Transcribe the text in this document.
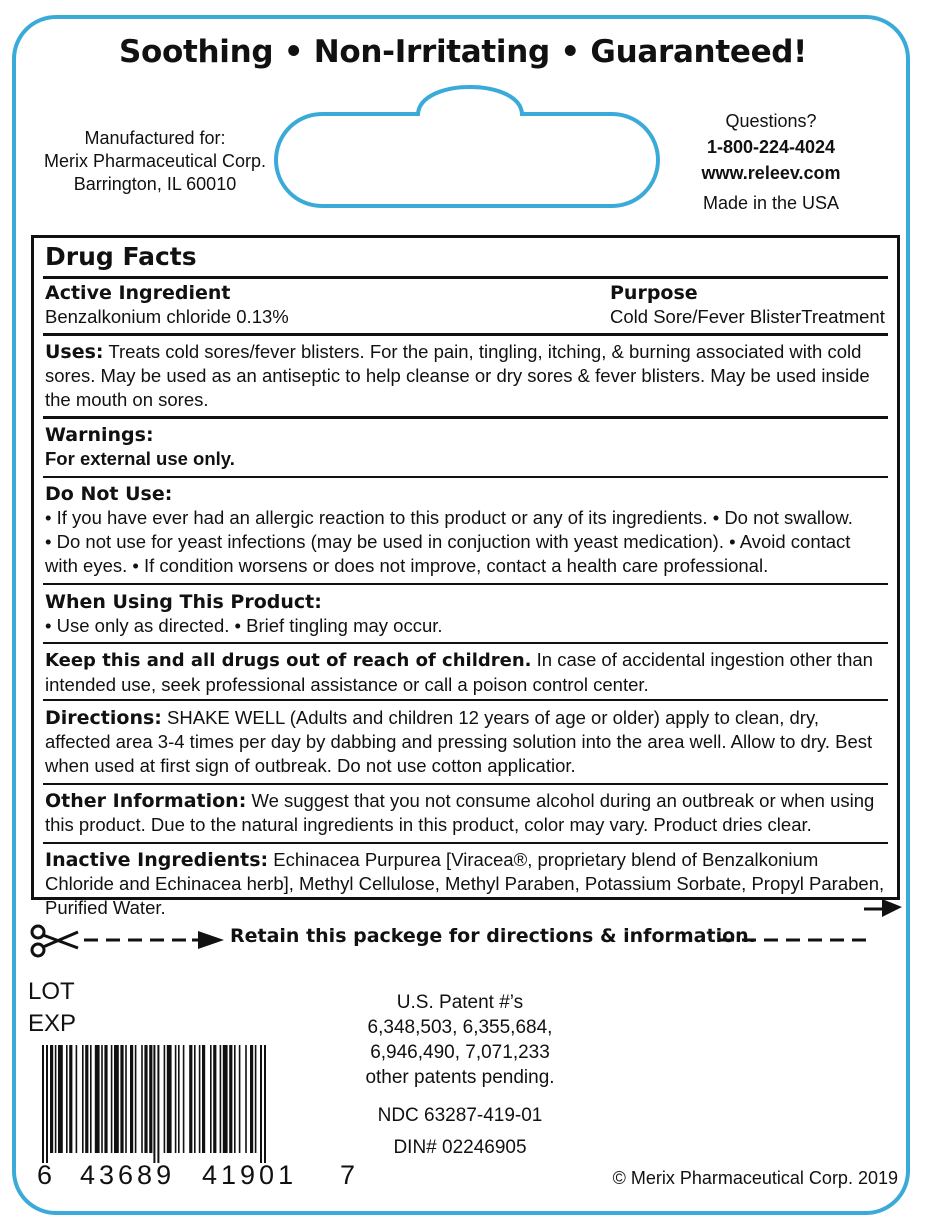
Soothing • Non-Irritating • Guaranteed!
Manufactured for:
Merix Pharmaceutical Corp.
Barrington, IL 60010
Questions?
1-800-224-4024
www.releev.com
Made in the USA
Drug Facts
Active Ingredient
Benzalkonium chloride 0.13%
Purpose
Cold Sore/Fever BlisterTreatment
Uses: Treats cold sores/fever blisters. For the pain, tingling, itching, & burning associated with cold sores. May be used as an antiseptic to help cleanse or dry sores & fever blisters. May be used inside the mouth on sores.
Warnings:
For external use only.
Do Not Use:
• If you have ever had an allergic reaction to this product or any of its ingredients. • Do not swallow.
• Do not use for yeast infections (may be used in conjuction with yeast medication). • Avoid contact with eyes. • If condition worsens or does not improve, contact a health care professional.
When Using This Product:
• Use only as directed. • Brief tingling may occur.
Keep this and all drugs out of reach of children. In case of accidental ingestion other than intended use, seek professional assistance or call a poison control center.
Directions: SHAKE WELL (Adults and children 12 years of age or older) apply to clean, dry, affected area 3-4 times per day by dabbing and pressing solution into the area well. Allow to dry. Best when used at first sign of outbreak. Do not use cotton applicatior.
Other Information: We suggest that you not consume alcohol during an outbreak or when using this product. Due to the natural ingredients in this product, color may vary. Product dries clear.
Inactive Ingredients: Echinacea Purpurea [Viracea®, proprietary blend of Benzalkonium Chloride and Echinacea herb], Methyl Cellulose, Methyl Paraben, Potassium Sorbate, Propyl Paraben, Purified Water.
Retain this packege for directions & information.
LOT
EXP
6 43689 41901 7
U.S. Patent #’s
6,348,503, 6,355,684,
6,946,490, 7,071,233
other patents pending.
NDC 63287-419-01
DIN# 02246905
© Merix Pharmaceutical Corp. 2019
